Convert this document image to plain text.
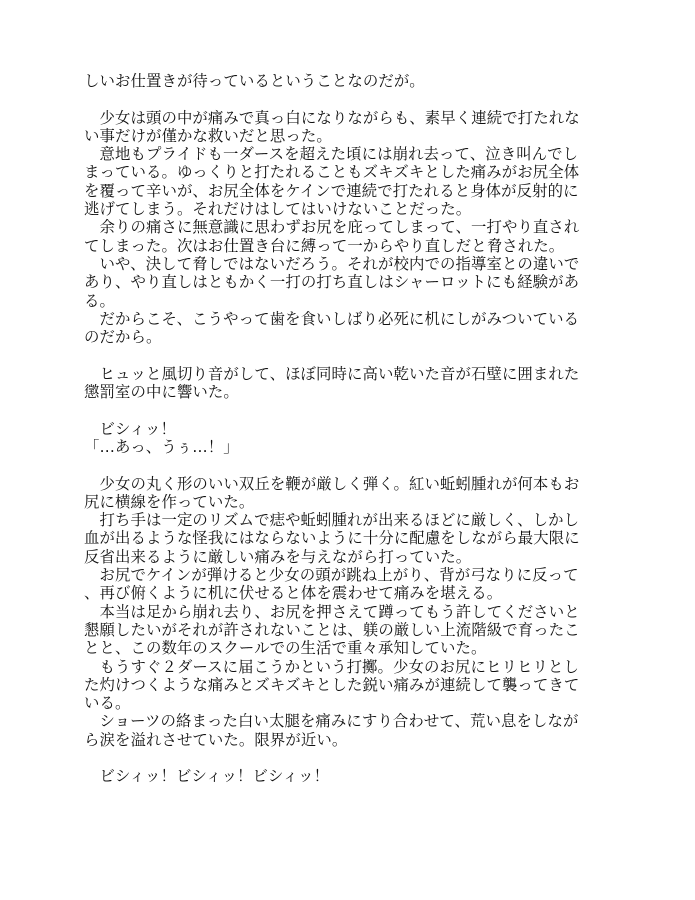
しいお仕置きが待っているということなのだが。
　少女は頭の中が痛みで真っ白になりながらも、素早く連続で打たれな
い事だけが僅かな救いだと思った。
　意地もプライドも一ダースを超えた頃には崩れ去って、泣き叫んでし
まっている。ゆっくりと打たれることもズキズキとした痛みがお尻全体
を覆って辛いが、お尻全体をケインで連続で打たれると身体が反射的に
逃げてしまう。それだけはしてはいけないことだった。
　余りの痛さに無意識に思わずお尻を庇ってしまって、一打やり直され
てしまった。次はお仕置き台に縛って一からやり直しだと脅された。
　いや、決して脅しではないだろう。それが校内での指導室との違いで
あり、やり直しはともかく一打の打ち直しはシャーロットにも経験があ
る。
　だからこそ、こうやって歯を食いしばり必死に机にしがみついている
のだから。
　ヒュッと風切り音がして、ほぼ同時に高い乾いた音が石壁に囲まれた
懲罰室の中に響いた。
　ビシィッ！
「…あっ、うぅ…！」
　少女の丸く形のいい双丘を鞭が厳しく弾く。紅い蚯蚓腫れが何本もお
尻に横線を作っていた。
　打ち手は一定のリズムで痣や蚯蚓腫れが出来るほどに厳しく、しかし
血が出るような怪我にはならないように十分に配慮をしながら最大限に
反省出来るように厳しい痛みを与えながら打っていた。
　お尻でケインが弾けると少女の頭が跳ね上がり、背が弓なりに反って
、再び俯くように机に伏せると体を震わせて痛みを堪える。
　本当は足から崩れ去り、お尻を押さえて蹲ってもう許してくださいと
懇願したいがそれが許されないことは、躾の厳しい上流階級で育ったこ
とと、この数年のスクールでの生活で重々承知していた。
　もうすぐ２ダースに届こうかという打擲。少女のお尻にヒリヒリとし
た灼けつくような痛みとズキズキとした鋭い痛みが連続して襲ってきて
いる。
　ショーツの絡まった白い太腿を痛みにすり合わせて、荒い息をしなが
ら涙を溢れさせていた。限界が近い。
　ビシィッ！ビシィッ！ビシィッ！
